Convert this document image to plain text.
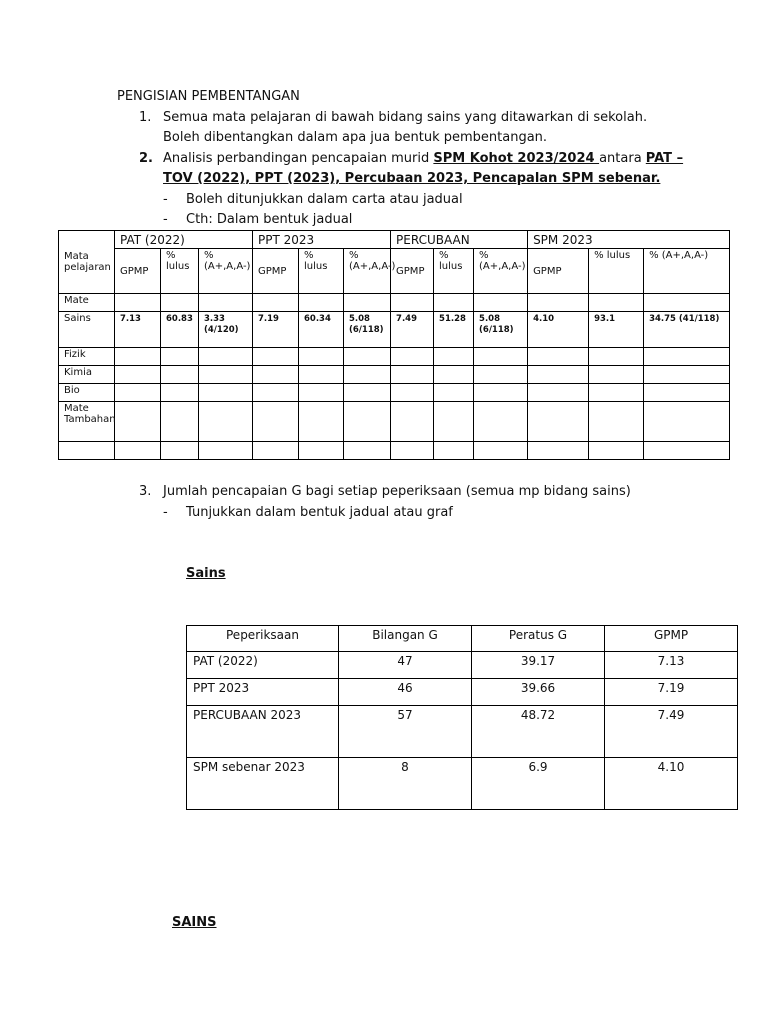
PENGISIAN PEMBENTANGAN
1. Semua mata pelajaran di bawah bidang sains yang ditawarkan di sekolah.
Boleh dibentangkan dalam apa jua bentuk pembentangan.
2. Analisis perbandingan pencapaian murid SPM Kohot 2023/2024 antara PAT –
TOV (2022), PPT (2023), Percubaan 2023, Pencapalan SPM sebenar.
- Boleh ditunjukkan dalam carta atau jadual
- Cth: Dalam bentuk jadual
Mata pelajaran	PAT (2022)			PPT 2023			PERCUBAAN			SPM 2023		
	GPMP	% lulus	% (A+,A,A-)	GPMP	% lulus	% (A+,A,A-)	GPMP	% lulus	% (A+,A,A-)	GPMP	% lulus	% (A+,A,A-)
Mate												
Sains	7.13	60.83	3.33 (4/120)	7.19	60.34	5.08 (6/118)	7.49	51.28	5.08 (6/118)	4.10	93.1	34.75 (41/118)
Fizik												
Kimia												
Bio												
Mate Tambahan												

3. Jumlah pencapaian G bagi setiap peperiksaan (semua mp bidang sains)
- Tunjukkan dalam bentuk jadual atau graf
Sains
Peperiksaan	Bilangan G	Peratus G	GPMP
PAT (2022)	47	39.17	7.13
PPT 2023	46	39.66	7.19
PERCUBAAN 2023	57	48.72	7.49
SPM sebenar 2023	8	6.9	4.10
SAINS
